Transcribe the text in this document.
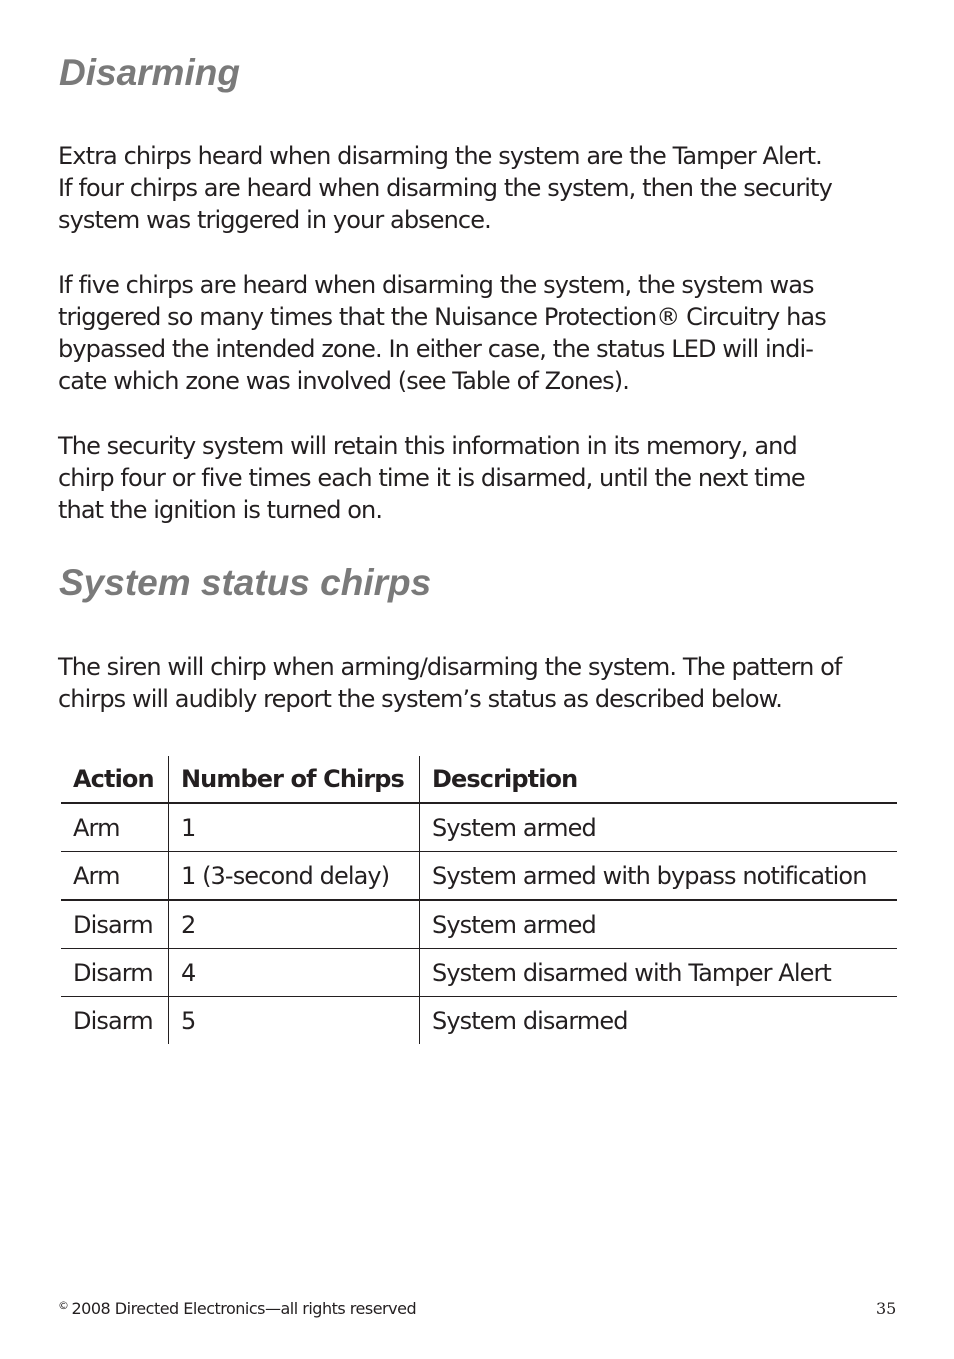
Disarming

Extra chirps heard when disarming the system are the Tamper Alert.
If four chirps are heard when disarming the system, then the security
system was triggered in your absence.

If five chirps are heard when disarming the system, the system was
triggered so many times that the Nuisance Protection® Circuitry has
bypassed the intended zone. In either case, the status LED will indi-
cate which zone was involved (see Table of Zones).

The security system will retain this information in its memory, and
chirp four or five times each time it is disarmed, until the next time
that the ignition is turned on.

System status chirps

The siren will chirp when arming/disarming the system. The pattern of
chirps will audibly report the system’s status as described below.

Action	Number of Chirps	Description
Arm	1	System armed
Arm	1 (3-second delay)	System armed with bypass notification
Disarm	2	System armed
Disarm	4	System disarmed with Tamper Alert
Disarm	5	System disarmed
© 2008 Directed Electronics—all rights reserved	35
